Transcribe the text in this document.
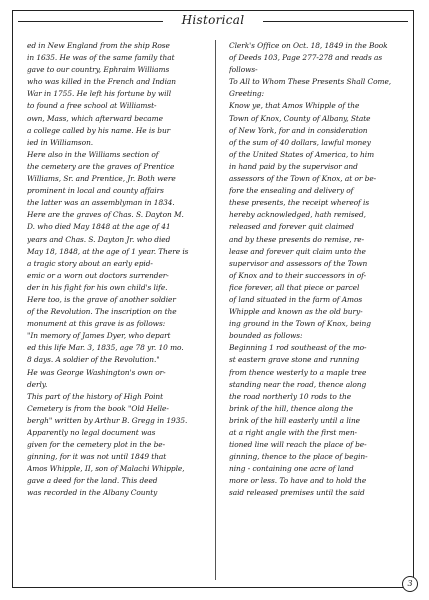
Historical
ed in New England from the ship Rose
in 1635. He was of the same family that
gave to our country, Ephraim Williams
who was killed in the French and Indian
War in 1755. He left his fortune by will
to found a free school at Williamst-
own, Mass, which afterward became
a college called by his name. He is bur
ied in Williamson.
Here also in the Williams section of
the cemetery are the graves of Prentice
Williams, Sr. and Prentice, Jr. Both were
prominent in local and county affairs
the latter was an assemblyman in 1834.
Here are the graves of Chas. S. Dayton M.
D. who died May 1848 at the age of 41
years and Chas. S. Dayton Jr. who died
May 18, 1848, at the age of 1 year. There is
a tragic story about an early epid-
emic or a worn out doctors surrender-
der in his fight for his own child's life.
Here too, is the grave of another soldier
of the Revolution. The inscription on the
monument at this grave is as follows:
"In memory of James Dyer, who depart
ed this life Mar. 3, 1835, age 78 yr. 10 mo.
8 days. A soldier of the Revolution."
He was George Washington's own or-
derly.
This part of the history of High Point
Cemetery is from the book "Old Helle-
bergh" written by Arthur B. Gregg in 1935.
Apparently no legal document was
given for the cemetery plot in the be-
ginning, for it was not until 1849 that
Amos Whipple, II, son of Malachi Whipple,
gave a deed for the land. This deed
was recorded in the Albany County
Clerk's Office on Oct. 18, 1849 in the Book
of Deeds 103, Page 277-278 and reads as
follows-
To All to Whom These Presents Shall Come,
Greeting:
Know ye, that Amos Whipple of the
Town of Knox, County of Albany, State
of New York, for and in consideration
of the sum of 40 dollars, lawful money
of the United States of America, to him
in hand paid by the supervisor and
assessors of the Town of Knox, at or be-
fore the ensealing and delivery of
these presents, the receipt whereof is
hereby acknowledged, hath remised,
released and forever quit claimed
and by these presents do remise, re-
lease and forever quit claim unto the
supervisor and assessors of the Town
of Knox and to their successors in of-
fice forever, all that piece or parcel
of land situated in the farm of Amos
Whipple and known as the old bury-
ing ground in the Town of Knox, being
bounded as follows:
Beginning 1 rod southeast of the mo-
st eastern grave stone and running
from thence westerly to a maple tree
standing near the road, thence along
the road northerly 10 rods to the
brink of the hill, thence along the
brink of the hill easterly until a line
at a right angle with the first men-
tioned line will reach the place of be-
ginning, thence to the place of begin-
ning - containing one acre of land
more or less. To have and to hold the
said released premises until the said
3
